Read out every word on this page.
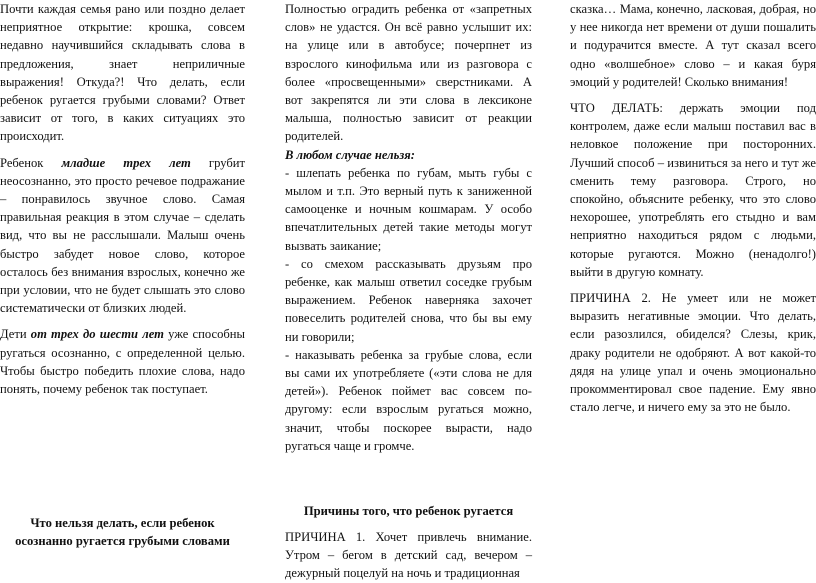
Почти каждая семья рано или поздно делает неприятное открытие: крошка, совсем недавно научившийся складывать слова в предложения, знает неприличные выражения! Откуда?! Что делать, если ребенок ругается грубыми словами? Ответ зависит от того, в каких ситуациях это происходит.

Ребенок младше трех лет грубит неосознанно, это просто речевое подражание – понравилось звучное слово. Самая правильная реакция в этом случае – сделать вид, что вы не расслышали. Малыш очень быстро забудет новое слово, которое осталось без внимания взрослых, конечно же при условии, что не будет слышать это слово систематически от близких людей.

Дети от трех до шести лет уже способны ругаться осознанно, с определенной целью. Чтобы быстро победить плохие слова, надо понять, почему ребенок так поступает.

Что нельзя делать, если ребенок осознанно ругается грубыми словами

Полностью оградить ребенка от «запретных слов» не удастся. Он всё равно услышит их: на улице или в автобусе; почерпнет из взрослого кинофильма или из разговора с более «просвещенными» сверстниками. А вот закрепятся ли эти слова в лексиконе малыша, полностью зависит от реакции родителей.

В любом случае нельзя:

- шлепать ребенка по губам, мыть губы с мылом и т.п. Это верный путь к заниженной самооценке и ночным кошмарам. У особо впечатлительных детей такие методы могут вызвать заикание;

- со смехом рассказывать друзьям про ребенке, как малыш ответил соседке грубым выражением. Ребенок наверняка захочет повеселить родителей снова, что бы вы ему ни говорили;

- наказывать ребенка за грубые слова, если вы сами их употребляете («эти слова не для детей»). Ребенок поймет вас совсем по-другому: если взрослым ругаться можно, значит, чтобы поскорее вырасти, надо ругаться чаще и громче.

Причины того, что ребенок ругается

ПРИЧИНА 1. Хочет привлечь внимание. Утром – бегом в детский сад, вечером – дежурный поцелуй на ночь и традиционная

сказка… Мама, конечно, ласковая, добрая, но у нее никогда нет времени от души пошалить и подурачится вместе. А тут сказал всего одно «волшебное» слово – и какая буря эмоций у родителей! Сколько внимания!

ЧТО ДЕЛАТЬ: держать эмоции под контролем, даже если малыш поставил вас в неловкое положение при посторонних. Лучший способ – извиниться за него и тут же сменить тему разговора. Строго, но спокойно, объясните ребенку, что это слово нехорошее, употреблять его стыдно и вам неприятно находиться рядом с людьми, которые ругаются. Можно (ненадолго!) выйти в другую комнату.

ПРИЧИНА 2. Не умеет или не может выразить негативные эмоции. Что делать, если разозлился, обиделся? Слезы, крик, драку родители не одобряют. А вот какой-то дядя на улице упал и очень эмоционально прокомментировал свое падение. Ему явно стало легче, и ничего ему за это не было.
